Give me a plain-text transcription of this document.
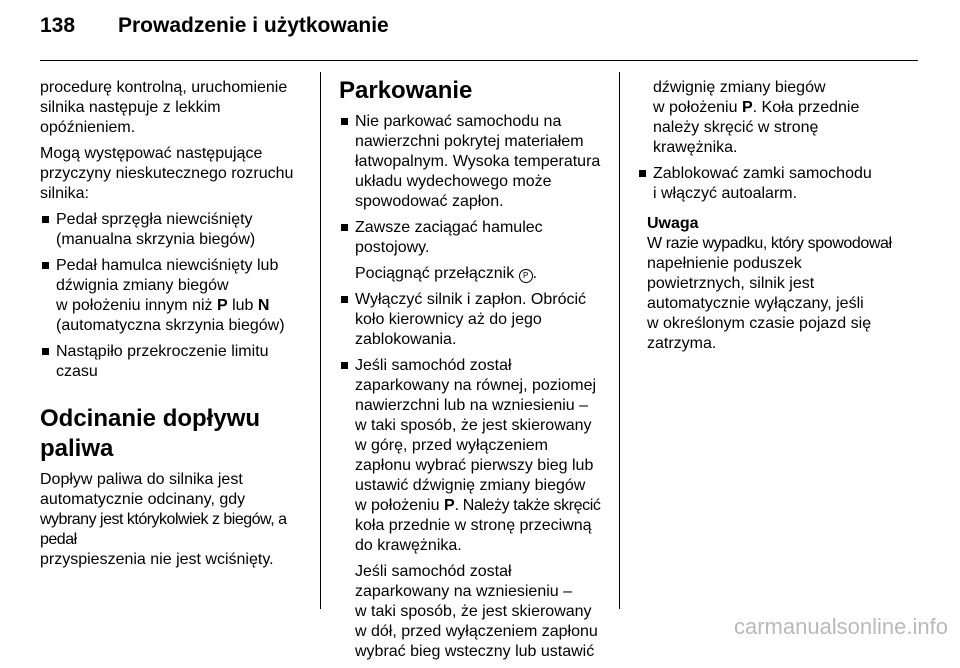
138 Prowadzenie i użytkowanie

procedurę kontrolną, uruchomienie
silnika następuje z lekkim
opóźnieniem.

Mogą występować następujące
przyczyny nieskutecznego rozruchu
silnika:

Pedał sprzęgła niewciśnięty
(manualna skrzynia biegów)
Pedał hamulca niewciśnięty lub
dźwignia zmiany biegów
w położeniu innym niż P lub N
(automatyczna skrzynia biegów)
Nastąpiło przekroczenie limitu
czasu
Odcinanie dopływu paliwa

Dopływ paliwa do silnika jest
automatycznie odcinany, gdy
wybrany jest którykolwiek z biegów, a pedał
przyspieszenia nie jest wciśnięty.

Parkowanie
Nie parkować samochodu na
nawierzchni pokrytej materiałem
łatwopalnym. Wysoka temperatura
układu wydechowego może
spowodować zapłon.
Zawsze zaciągać hamulec
postojowy.
Pociągnąć przełącznik P .
Wyłączyć silnik i zapłon. Obrócić
koło kierownicy aż do jego
zablokowania.
Jeśli samochód został
zaparkowany na równej, poziomej
nawierzchni lub na wzniesieniu –
w taki sposób, że jest skierowany
w górę, przed wyłączeniem
zapłonu wybrać pierwszy bieg lub
ustawić dźwignię zmiany biegów
w położeniu P. Należy także skręcić
koła przednie w stronę przeciwną
do krawężnika.
Jeśli samochód został
zaparkowany na wzniesieniu –
w taki sposób, że jest skierowany
w dół, przed wyłączeniem zapłonu
wybrać bieg wsteczny lub ustawić
dźwignię zmiany biegów
w położeniu P. Koła przednie
należy skręcić w stronę
krawężnika.
Zablokować zamki samochodu
i włączyć autoalarm.
Uwaga
W razie wypadku, który spowodował
napełnienie poduszek
powietrznych, silnik jest
automatycznie wyłączany, jeśli
w określonym czasie pojazd się
zatrzyma.
carmanualsonline.info
